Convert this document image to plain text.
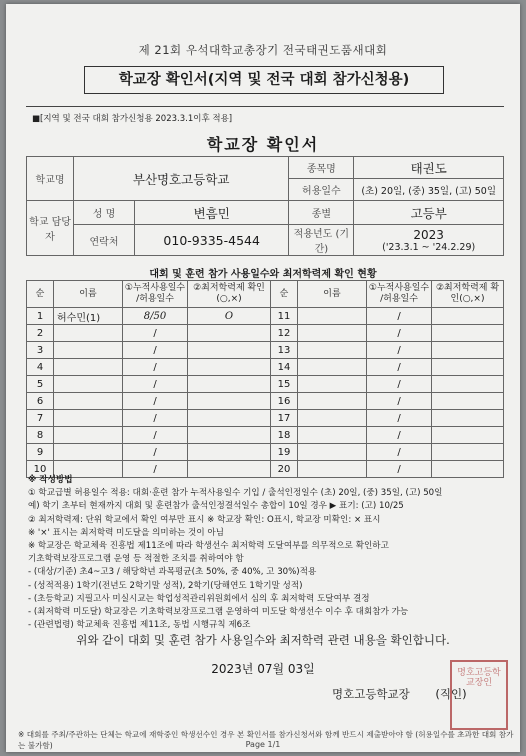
제 21회 우석대학교총장기 전국태권도품새대회
학교장 확인서(지역 및 전국 대회 참가신청용)
■[지역 및 전국 대회 참가신청용 2023.3.1이후 적용]
학교장 확인서
학교명	부산명호고등학교		종목명	태권도
			허용일수	(초) 20일, (중) 35일, (고) 50일
학교 담당자	성 명	변흠민	종별	고등부
	연락처	010-9335-4544	적용년도 (기간)	2023
('23.3.1 ~ '24.2.29)
대회 및 훈련 참가 사용일수와 최저학력제 확인 현황
순	이름	①누적사용일수 /허용일수	②최저학력제 확인(○,×)	순	이름	①누적사용일수 /허용일수	②최저학력제 확인(○,×)
1	허수민(1)	8/50	O	11		/	
2		/		12		/	
3		/		13		/	
4		/		14		/	
5		/		15		/	
6		/		16		/	
7		/		17		/	
8		/		18		/	
9		/		19		/	
10		/		20		/	
※ 작성방법
① 학교급별 허용일수 적용: 대회·훈련 참가 누적사용일수 기입 / 출석인정일수 (초) 20일, (중) 35일, (고) 50일
예) 학기 초부터 현재까지 대회 및 훈련참가 출석인정결석일수 총합이 10일 경우 ▶ 표기: (고) 10/25
② 최저학력제: 단위 학교에서 확인 여부만 표시 ※ 학교장 확인: O표시, 학교장 미확인: × 표시
※ '×' 표시는 최저학력 미도달을 의미하는 것이 아님
※ 학교장은 학교체육 진흥법 제11조에 따라 학생선수 최저학력 도달여부를 의무적으로 확인하고
기초학력보장프로그램 운영 등 적절한 조치를 취하여야 함
- (대상/기준) 초4~고3 / 해당학년 과목평균(초 50%, 중 40%, 고 30%)적용
- (성적적용) 1학기(전년도 2학기말 성적), 2학기(당해연도 1학기말 성적)
- (초등학교) 지필고사 미실시교는 학업성적관리위원회에서 심의 후 최저학력 도달여부 결정
- (최저학력 미도달) 학교장은 기초학력보장프로그램 운영하여 미도달 학생선수 이수 후 대회참가 가능
- (관련법령) 학교체육 진흥법 제11조, 동법 시행규칙 제6조
위와 같이 대회 및 훈련 참가 사용일수와 최저학력 관련 내용을 확인합니다.
2023년 07월 03일
명호고등학교장 (직인)
명호고등학교장인
※ 대회를 주최/주관하는 단체는 학교에 재학중인 학생선수인 경우 본 확인서를 참가신청서와 함께 반드시 제출받아야 함 (허용일수를 초과한 대회 참가는 불가함)	Page 1/1
